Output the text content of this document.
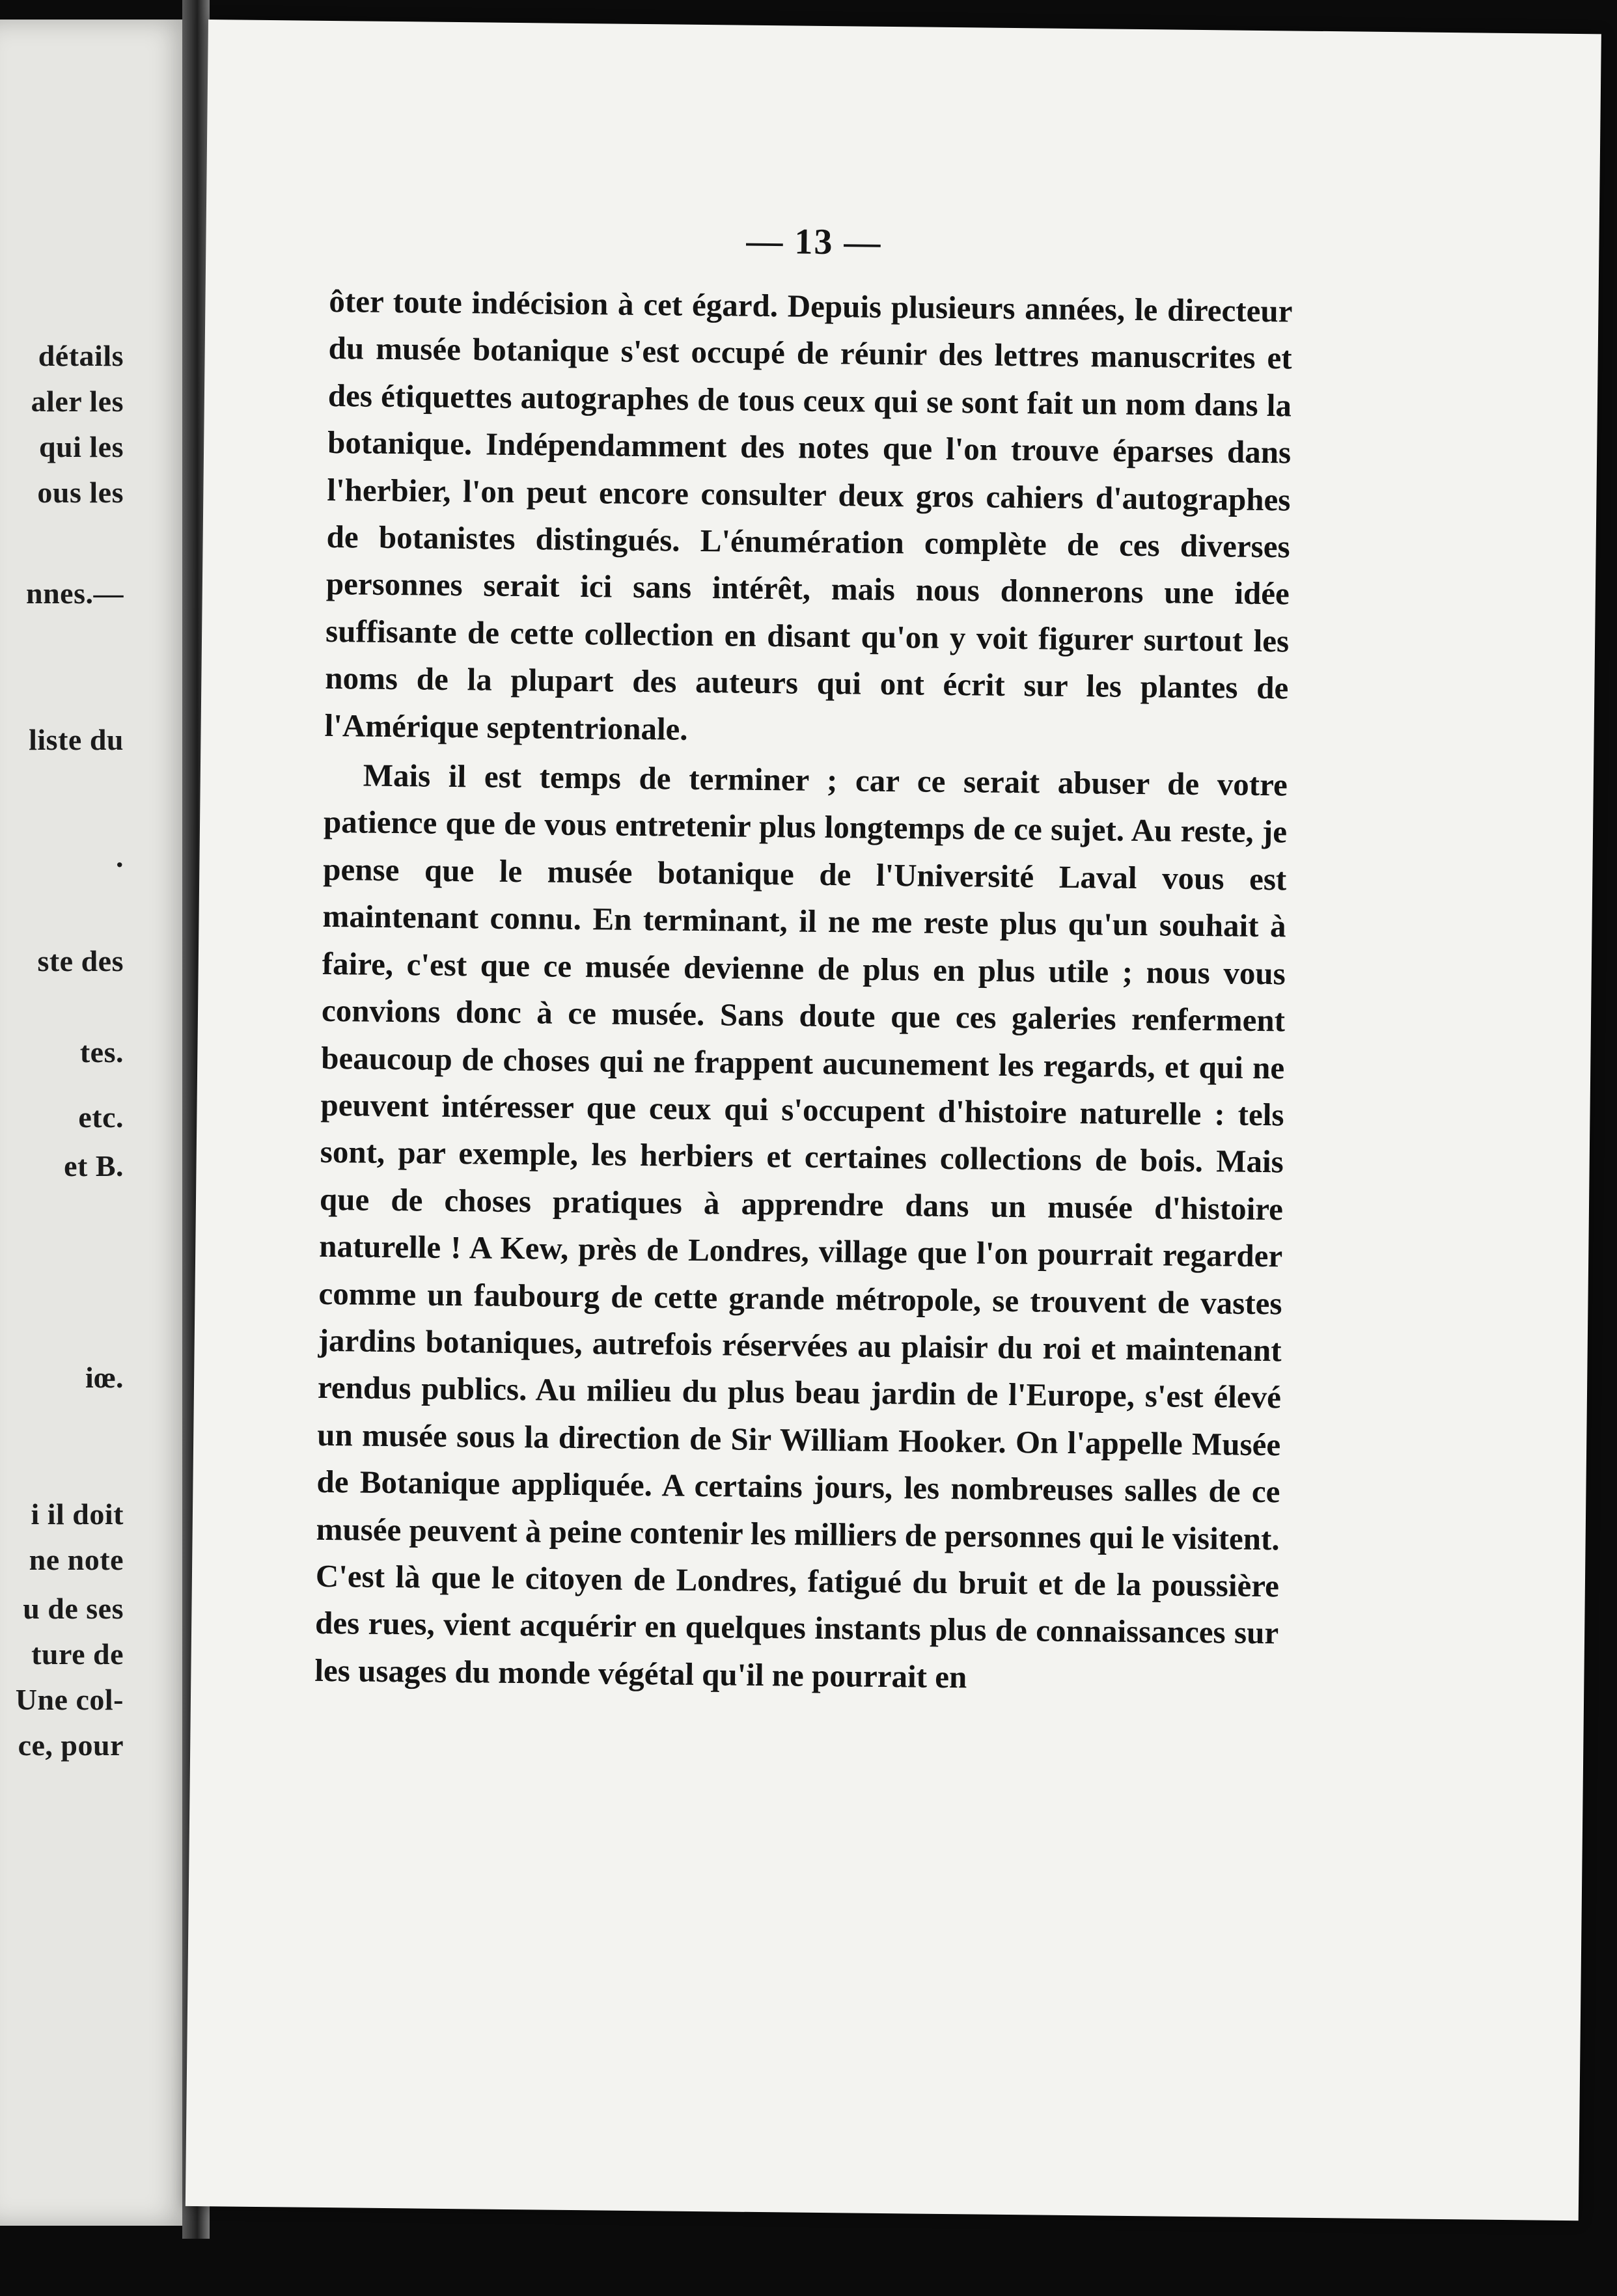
détails
aler les
qui les
ous les
nnes.—
liste du
.
ste des
tes.
etc.
et B.
iœ.
i il doit
ne note
u de ses
ture de
Une col-
ce, pour
— 13 —

ôter toute indécision à cet égard. Depuis plusieurs années, le directeur du musée botanique s'est occupé de réunir des lettres manuscrites et des étiquettes autographes de tous ceux qui se sont fait un nom dans la botanique. Indépendamment des notes que l'on trouve éparses dans l'herbier, l'on peut encore consulter deux gros cahiers d'autographes de botanistes distingués. L'énumération complète de ces diverses personnes serait ici sans intérêt, mais nous donnerons une idée suffisante de cette collection en disant qu'on y voit figurer surtout les noms de la plupart des auteurs qui ont écrit sur les plantes de l'Amérique septentrionale.

Mais il est temps de terminer ; car ce serait abuser de votre patience que de vous entretenir plus longtemps de ce sujet. Au reste, je pense que le musée botanique de l'Université Laval vous est maintenant connu. En terminant, il ne me reste plus qu'un souhait à faire, c'est que ce musée devienne de plus en plus utile ; nous vous convions donc à ce musée. Sans doute que ces galeries renferment beaucoup de choses qui ne frappent aucunement les regards, et qui ne peuvent intéresser que ceux qui s'occupent d'histoire naturelle : tels sont, par exemple, les herbiers et certaines collections de bois. Mais que de choses pratiques à apprendre dans un musée d'histoire naturelle ! A Kew, près de Londres, village que l'on pourrait regarder comme un faubourg de cette grande métropole, se trouvent de vastes jardins botaniques, autrefois réservées au plaisir du roi et maintenant rendus publics. Au milieu du plus beau jardin de l'Europe, s'est élevé un musée sous la direction de Sir William Hooker. On l'appelle Musée de Botanique appliquée. A certains jours, les nombreuses salles de ce musée peuvent à peine contenir les milliers de personnes qui le visitent. C'est là que le citoyen de Londres, fatigué du bruit et de la poussière des rues, vient acquérir en quelques instants plus de connaissances sur les usages du monde végétal qu'il ne pourrait en
